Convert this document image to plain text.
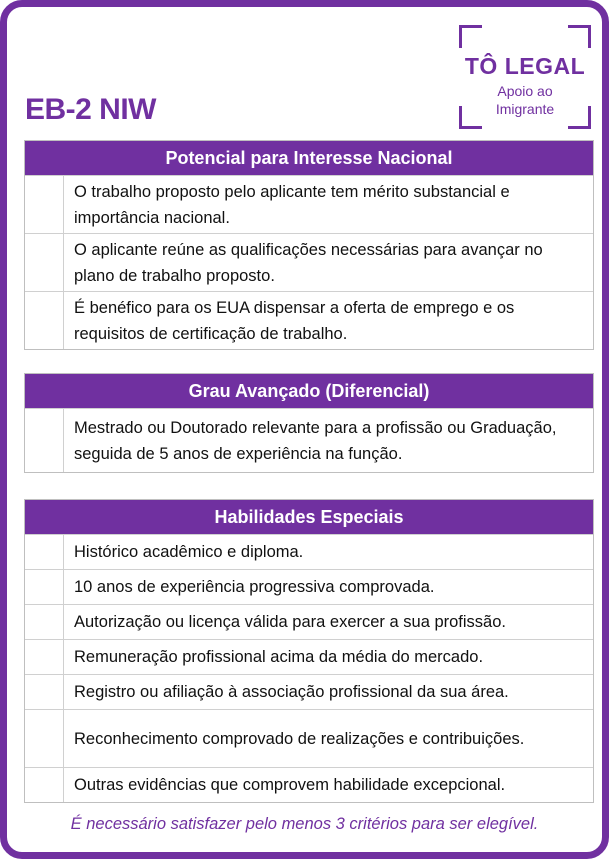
EB-2 NIW
TÔ LEGAL
Apoio ao
Imigrante
Potencial para Interesse Nacional
O trabalho proposto pelo aplicante tem mérito substancial e importância nacional.
O aplicante reúne as qualificações necessárias para avançar no plano de trabalho proposto.
É benéfico para os EUA dispensar a oferta de emprego e os requisitos de certificação de trabalho.
Grau Avançado (Diferencial)
Mestrado ou Doutorado relevante para a profissão ou Graduação, seguida de 5 anos de experiência na função.
Habilidades Especiais
Histórico acadêmico e diploma.
10 anos de experiência progressiva comprovada.
Autorização ou licença válida para exercer a sua profissão.
Remuneração profissional acima da média do mercado.
Registro ou afiliação à associação profissional da sua área.
Reconhecimento comprovado de realizações e contribuições.
Outras evidências que comprovem habilidade excepcional.
É necessário satisfazer pelo menos 3 critérios para ser elegível.
